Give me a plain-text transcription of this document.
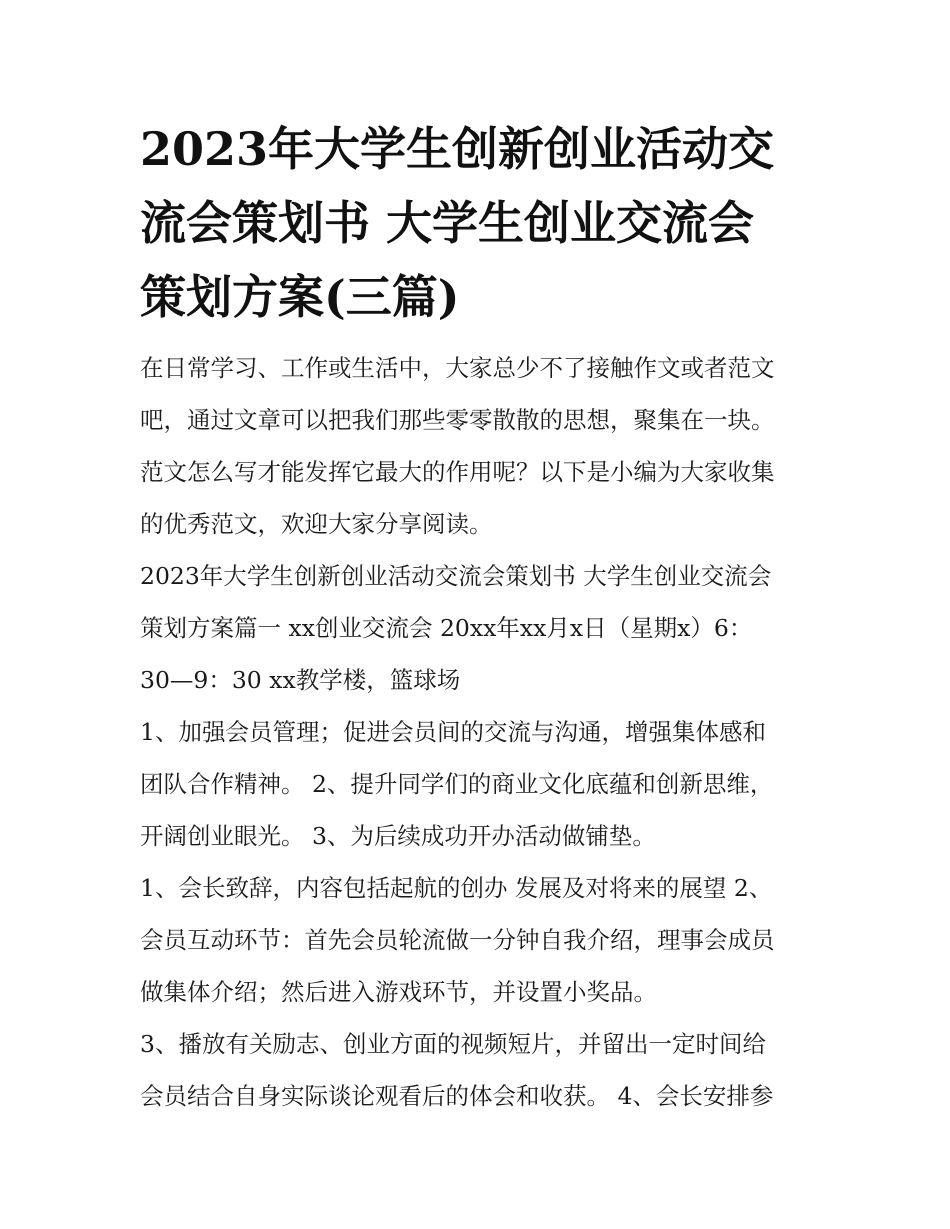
2023年大学生创新创业活动交
流会策划书 大学生创业交流会
策划方案(三篇)

在日常学习、工作或生活中，大家总少不了接触作文或者范文
吧，通过文章可以把我们那些零零散散的思想，聚集在一块。
范文怎么写才能发挥它最大的作用呢？以下是小编为大家收集
的优秀范文，欢迎大家分享阅读。

2023年大学生创新创业活动交流会策划书 大学生创业交流会
策划方案篇一 xx创业交流会 20xx年xx月x日（星期x）6：
30—9：30 xx教学楼，篮球场

1、加强会员管理；促进会员间的交流与沟通，增强集体感和
团队合作精神。 2、提升同学们的商业文化底蕴和创新思维，
开阔创业眼光。 3、为后续成功开办活动做铺垫。

1、会长致辞，内容包括起航的创办 发展及对将来的展望 2、
会员互动环节：首先会员轮流做一分钟自我介绍，理事会成员
做集体介绍；然后进入游戏环节，并设置小奖品。

3、播放有关励志、创业方面的视频短片，并留出一定时间给
会员结合自身实际谈论观看后的体会和收获。 4、会长安排参
